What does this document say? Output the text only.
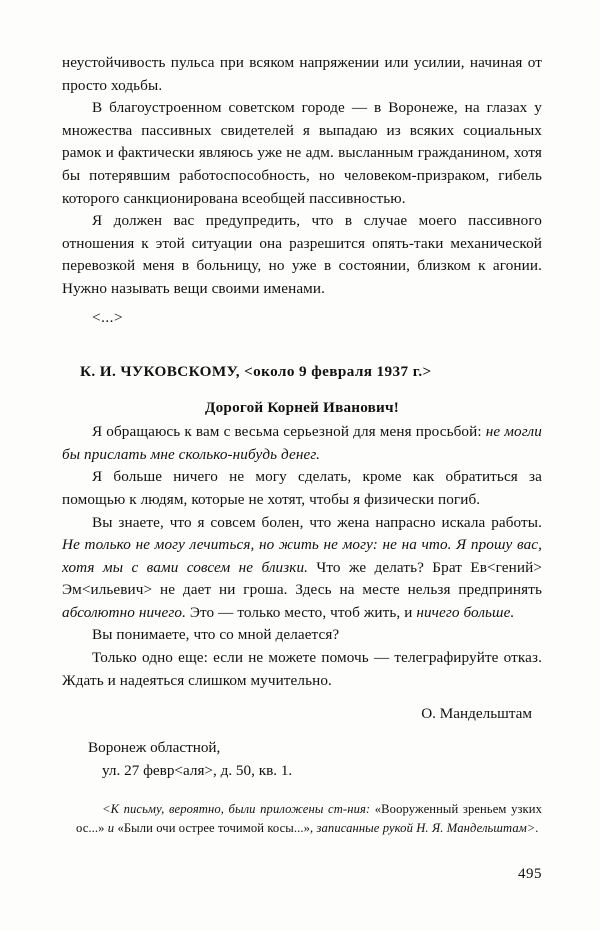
неустойчивость пульса при всяком напряжении или усилии, начиная от просто ходьбы.

В благоустроенном советском городе — в Воронеже, на глазах у множества пассивных свидетелей я выпадаю из всяких социальных рамок и фактически являюсь уже не адм. высланным гражданином, хотя бы потерявшим работоспособность, но человеком-призраком, гибель которого санкционирована всеобщей пассивностью.

Я должен вас предупредить, что в случае моего пассивного отношения к этой ситуации она разрешится опять-таки механической перевозкой меня в больницу, но уже в состоянии, близком к агонии. Нужно называть вещи своими именами.

<...>
К. И. ЧУКОВСКОМУ, <около 9 февраля 1937 г.>
Дорогой Корней Иванович!

Я обращаюсь к вам с весьма серьезной для меня просьбой: не могли бы прислать мне сколько-нибудь денег.

Я больше ничего не могу сделать, кроме как обратиться за помощью к людям, которые не хотят, чтобы я физически погиб.

Вы знаете, что я совсем болен, что жена напрасно искала работы. Не только не могу лечиться, но жить не могу: не на что. Я прошу вас, хотя мы с вами совсем не близки. Что же делать? Брат Ев<гений> Эм<ильевич> не дает ни гроша. Здесь на месте нельзя предпринять абсолютно ничего. Это — только место, чтоб жить, и ничего больше.

Вы понимаете, что со мной делается?

Только одно еще: если не можете помочь — телеграфируйте отказ. Ждать и надеяться слишком мучительно.

О. Мандельштам
Воронеж областной,
ул. 27 февр<аля>, д. 50, кв. 1.
<К письму, вероятно, были приложены ст-ния: «Вооруженный зреньем узких ос...» и «Были очи острее точимой косы...», записанные рукой Н. Я. Мандельштам>.
495
